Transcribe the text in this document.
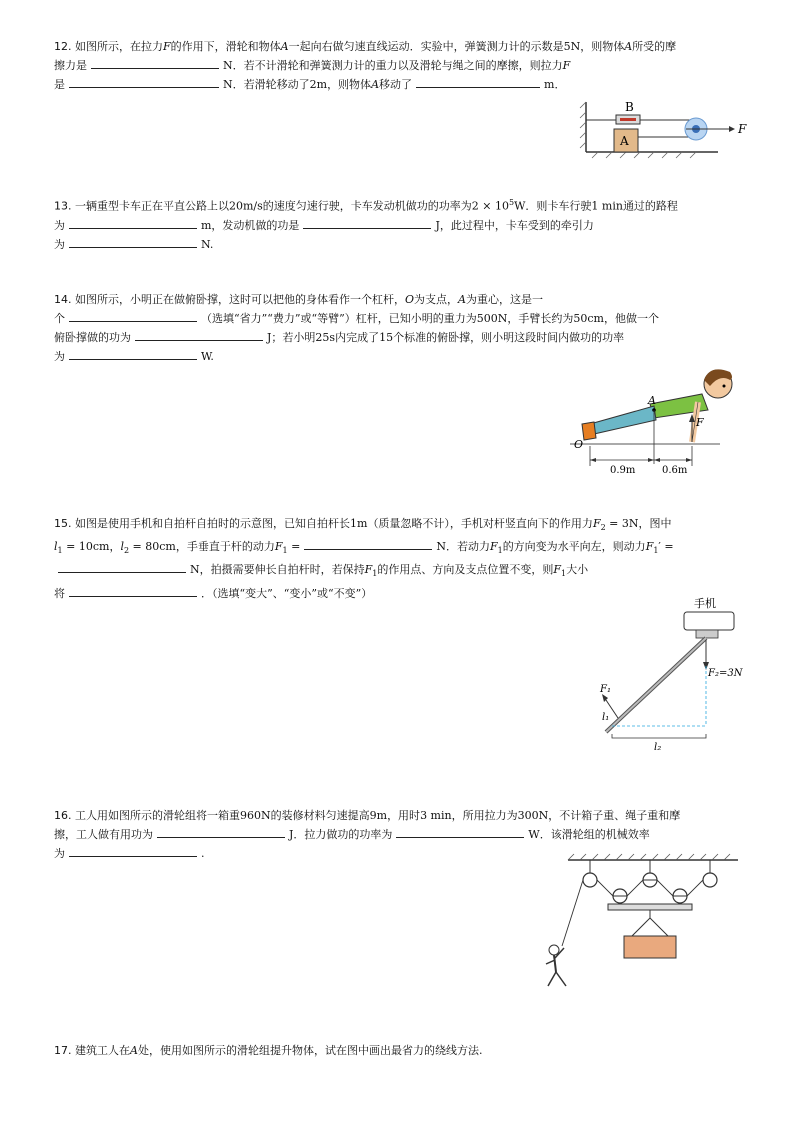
12. 如图所示，在拉力F的作用下，滑轮和物体A一起向右做匀速直线运动．实验中，弹簧测力计的示数是5N，则物体A所受的摩
擦力是	N．若不计滑轮和弹簧测力计的重力以及滑轮与绳之间的摩擦，则拉力F
是	N．若滑轮移动了2m，则物体A移动了	m．
B
A
F
13. 一辆重型卡车正在平直公路上以20m/s的速度匀速行驶，卡车发动机做功的功率为$2 \times 10^5W$．则卡车行驶1 min通过的路程
为	m，发动机做的功是	J，此过程中，卡车受到的牵引力
为	N.
14. 如图所示，小明正在做俯卧撑，这时可以把他的身体看作一个杠杆，O为支点，A为重心，这是一
个	（选填“省力”“费力”或“等臂”）杠杆，已知小明的重力为500N，手臂长约为50cm，他做一个
俯卧撑做的功为	J；若小明25s内完成了15个标准的俯卧撑，则小明这段时间内做功的功率
为	W.
A
F
O
0.9m	0.6m
15. 如图是使用手机和自拍杆自拍时的示意图，已知自拍杆长1m（质量忽略不计），手机对杆竖直向下的作用力$F_2 = 3N$，图中
$l_1 = 10cm$，$l_2 = 80cm$，手垂直于杆的动力$F_1$ =	N．若动力$F_1$的方向变为水平向左，则动力$F_1'$ =
N，拍摄需要伸长自拍杆时，若保持$F_1$的作用点、方向及支点位置不变，则$F_1$大小
将	．（选填“变大”、“变小”或“不变”）
手机
F₂=3N
F₁
l₁
l₂
16. 工人用如图所示的滑轮组将一箱重960N的装修材料匀速提高9m，用时3 min，所用拉力为300N，不计箱子重、绳子重和摩
擦，工人做有用功为	J．拉力做功的功率为	W．该滑轮组的机械效率
为	.
17. 建筑工人在A处，使用如图所示的滑轮组提升物体，试在图中画出最省力的绕线方法.
